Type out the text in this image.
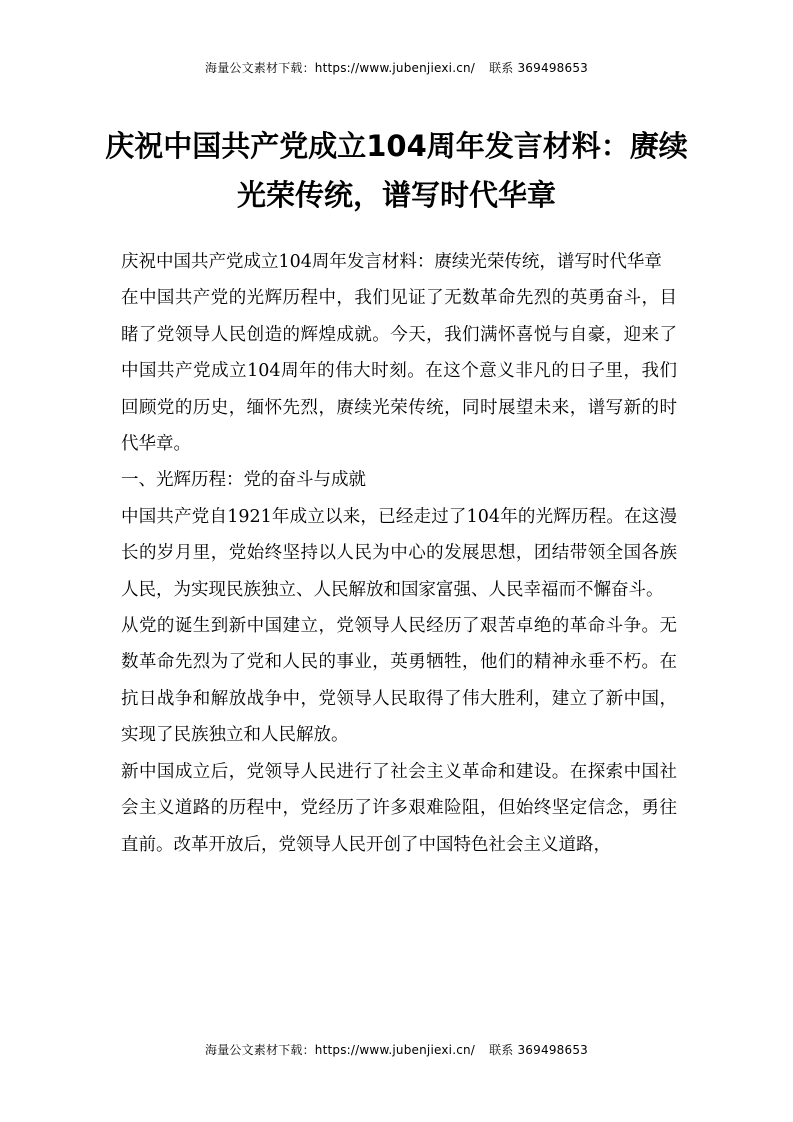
海量公文素材下载：https://www.jubenjiexi.cn/ 联系 369498653
庆祝中国共产党成立104周年发言材料：赓续光荣传统，谱写时代华章

庆祝中国共产党成立104周年发言材料：赓续光荣传统，谱写时代华章

在中国共产党的光辉历程中，我们见证了无数革命先烈的英勇奋斗，目睹了党领导人民创造的辉煌成就。今天，我们满怀喜悦与自豪，迎来了中国共产党成立104周年的伟大时刻。在这个意义非凡的日子里，我们回顾党的历史，缅怀先烈，赓续光荣传统，同时展望未来，谱写新的时代华章。

一、光辉历程：党的奋斗与成就

中国共产党自1921年成立以来，已经走过了104年的光辉历程。在这漫长的岁月里，党始终坚持以人民为中心的发展思想，团结带领全国各族人民，为实现民族独立、人民解放和国家富强、人民幸福而不懈奋斗。

从党的诞生到新中国建立，党领导人民经历了艰苦卓绝的革命斗争。无数革命先烈为了党和人民的事业，英勇牺牲，他们的精神永垂不朽。在抗日战争和解放战争中，党领导人民取得了伟大胜利，建立了新中国，实现了民族独立和人民解放。

新中国成立后，党领导人民进行了社会主义革命和建设。在探索中国社会主义道路的历程中，党经历了许多艰难险阻，但始终坚定信念，勇往直前。改革开放后，党领导人民开创了中国特色社会主义道路，

海量公文素材下载：https://www.jubenjiexi.cn/ 联系 369498653
